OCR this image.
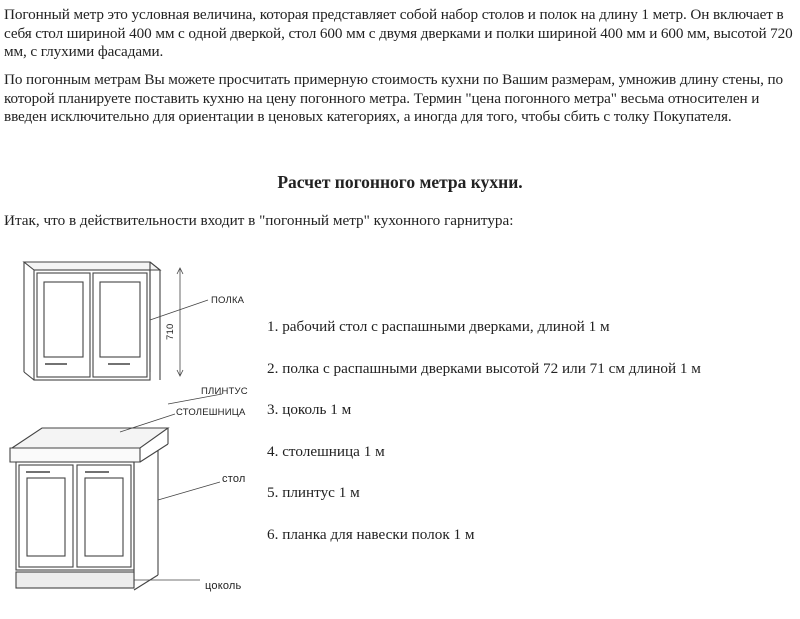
Погонный метр это условная величина, которая представляет собой набор столов и полок на длину 1 метр. Он включает в себя стол шириной 400 мм с одной дверкой, стол 600 мм с двумя дверками и полки шириной 400 мм и 600 мм, высотой 720 мм, с глухими фасадами.

По погонным метрам Вы можете просчитать примерную стоимость кухни по Вашим размерам, умножив длину стены, по которой планируете поставить кухню на цену погонного метра. Термин "цена погонного метра" весьма относителен и введен исключительно для ориентации в ценовых категориях, а иногда для того, чтобы сбить с толку Покупателя.

Расчет погонного метра кухни.
Итак, что в действительности входит в "погонный метр" кухонного гарнитура:
ПОЛКА
710
ПЛИНТУС
СТОЛЕШНИЦА
стол
цоколь
1. рабочий стол с распашными дверками, длиной 1 м
2. полка с распашными дверками высотой 72 или 71 см длиной 1 м
3. цоколь 1 м
4. столешница 1 м
5. плинтус 1 м
6. планка для навески полок 1 м
